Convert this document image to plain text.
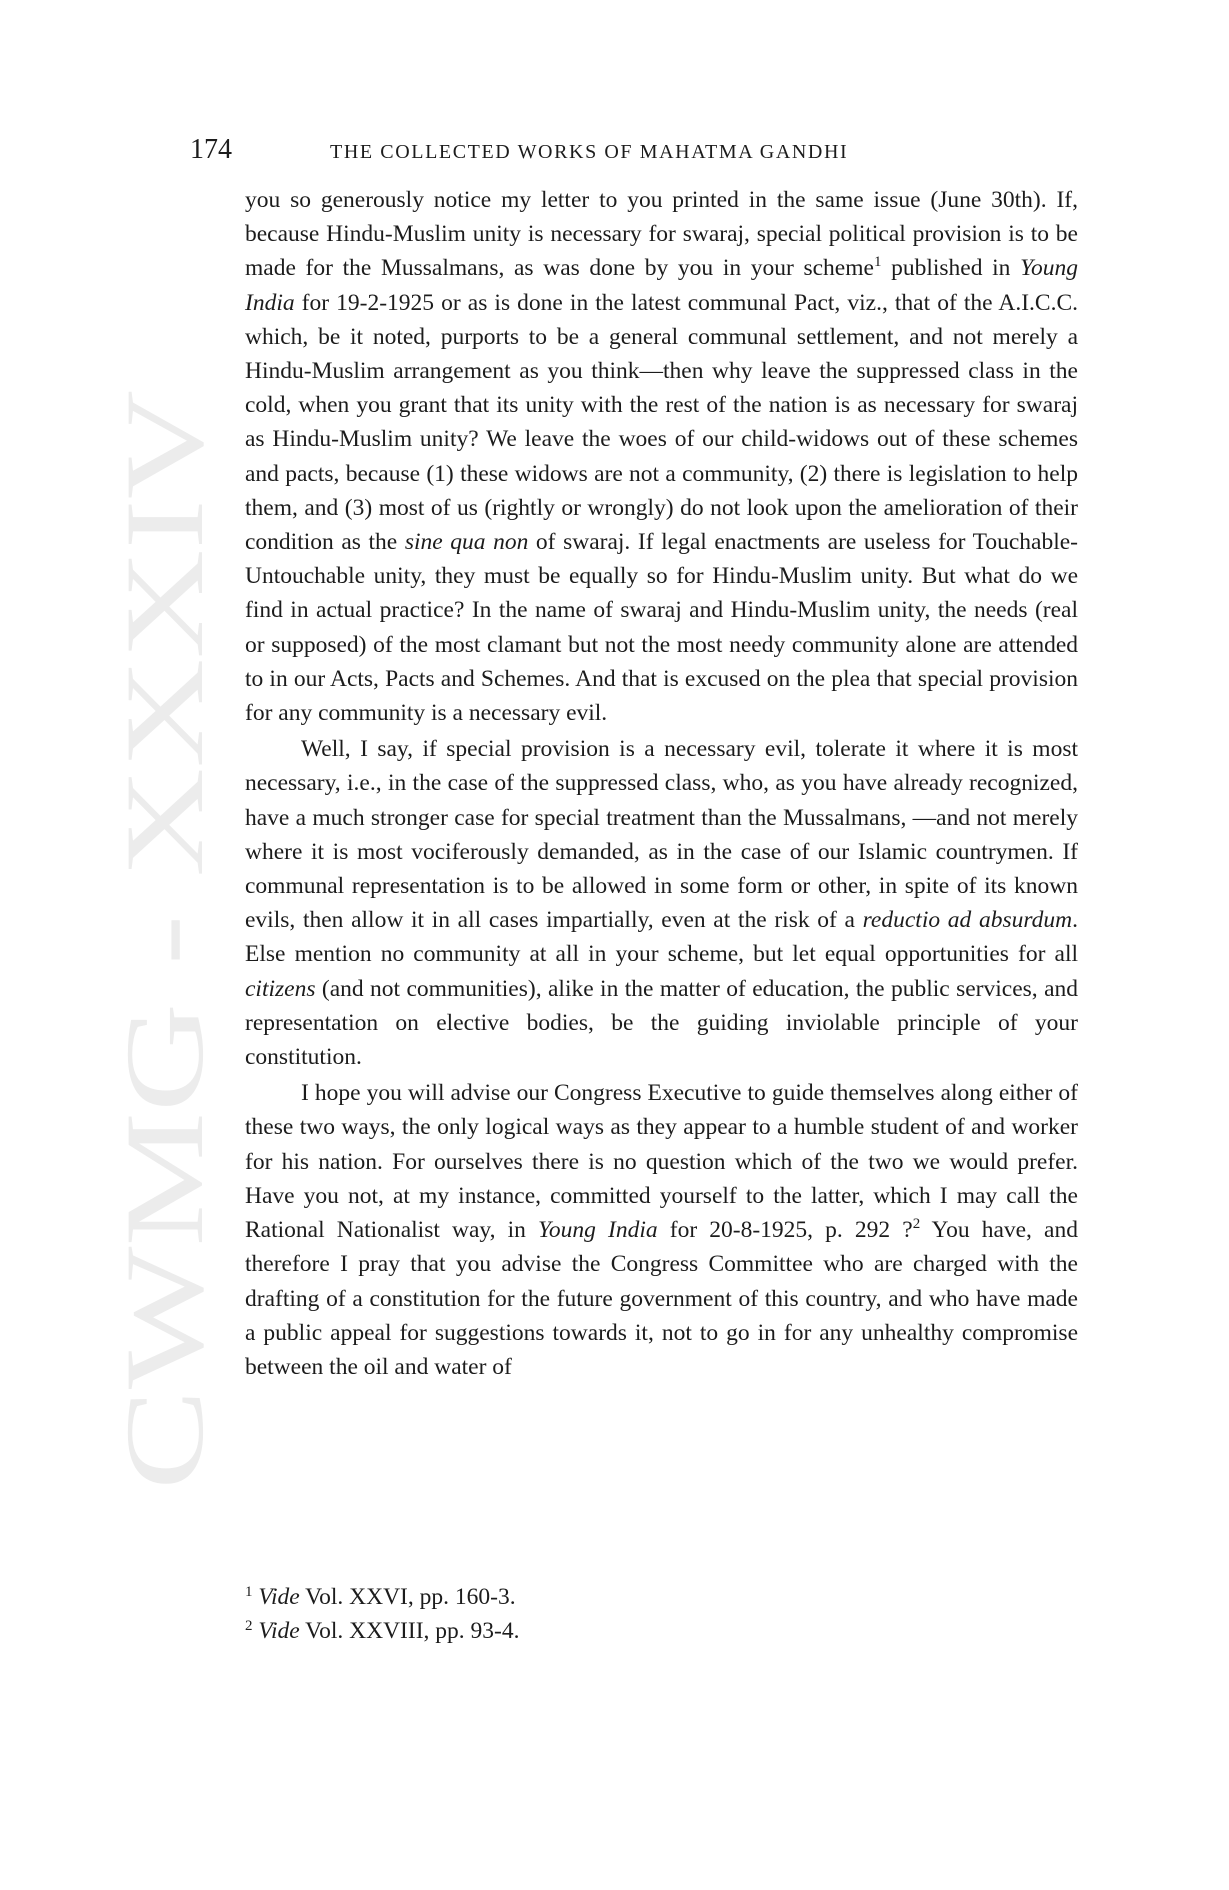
CWMG - XXXIV
174	THE COLLECTED WORKS OF MAHATMA GANDHI

you so generously notice my letter to you printed in the same issue (June 30th). If, because Hindu-Muslim unity is necessary for swaraj, special political provision is to be made for the Mussalmans, as was done by you in your scheme$^1$ published in Young India for 19-2-1925 or as is done in the latest communal Pact, viz., that of the A.I.C.C. which, be it noted, purports to be a general communal settlement, and not merely a Hindu-Muslim arrangement as you think—then why leave the suppressed class in the cold, when you grant that its unity with the rest of the nation is as necessary for swaraj as Hindu-Muslim unity? We leave the woes of our child-widows out of these schemes and pacts, because (1) these widows are not a community, (2) there is legislation to help them, and (3) most of us (rightly or wrongly) do not look upon the amelioration of their condition as the sine qua non of swaraj. If legal enactments are useless for Touchable-Untouchable unity, they must be equally so for Hindu-Muslim unity. But what do we find in actual practice? In the name of swaraj and Hindu-Muslim unity, the needs (real or supposed) of the most clamant but not the most needy community alone are attended to in our Acts, Pacts and Schemes. And that is excused on the plea that special provision for any community is a necessary evil.

Well, I say, if special provision is a necessary evil, tolerate it where it is most necessary, i.e., in the case of the suppressed class, who, as you have already recognized, have a much stronger case for special treatment than the Mussalmans, —and not merely where it is most vociferously demanded, as in the case of our Islamic countrymen. If communal representation is to be allowed in some form or other, in spite of its known evils, then allow it in all cases impartially, even at the risk of a reductio ad absurdum. Else mention no community at all in your scheme, but let equal opportunities for all citizens (and not communities), alike in the matter of education, the public services, and representation on elective bodies, be the guiding inviolable principle of your constitution.

I hope you will advise our Congress Executive to guide themselves along either of these two ways, the only logical ways as they appear to a humble student of and worker for his nation. For ourselves there is no question which of the two we would prefer. Have you not, at my instance, committed yourself to the latter, which I may call the Rational Nationalist way, in Young India for 20-8-1925, p. 292 ?$^2$ You have, and therefore I pray that you advise the Congress Committee who are charged with the drafting of a constitution for the future government of this country, and who have made a public appeal for suggestions towards it, not to go in for any unhealthy compromise between the oil and water of

$^1$ Vide Vol. XXVI, pp. 160-3.

$^2$ Vide Vol. XXVIII, pp. 93-4.
